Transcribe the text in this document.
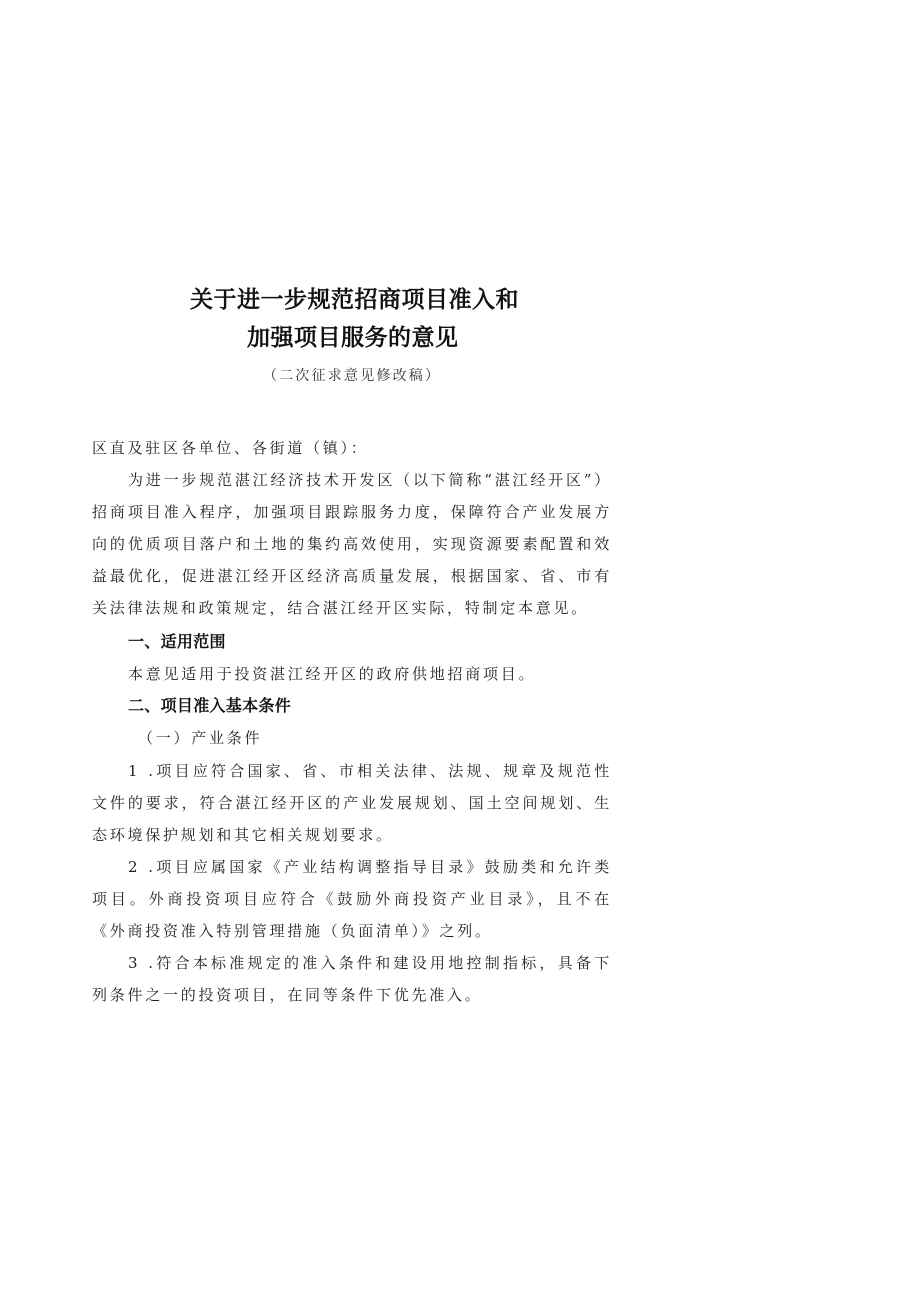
关于进一步规范招商项目准入和
加强项目服务的意见
（二次征求意见修改稿）

区直及驻区各单位、各街道（镇）：

为进一步规范湛江经济技术开发区（以下简称“湛江经开区”）招商项目准入程序，加强项目跟踪服务力度，保障符合产业发展方向的优质项目落户和土地的集约高效使用，实现资源要素配置和效益最优化，促进湛江经开区经济高质量发展，根据国家、省、市有关法律法规和政策规定，结合湛江经开区实际，特制定本意见。

一、适用范围

本意见适用于投资湛江经开区的政府供地招商项目。

二、项目准入基本条件
（一）产业条件

1 .项目应符合国家、省、市相关法律、法规、规章及规范性文件的要求，符合湛江经开区的产业发展规划、国土空间规划、生态环境保护规划和其它相关规划要求。

2 .项目应属国家《产业结构调整指导目录》鼓励类和允许类项目。外商投资项目应符合《鼓励外商投资产业目录》，且不在《外商投资准入特别管理措施（负面清单）》之列。

3 .符合本标准规定的准入条件和建设用地控制指标，具备下列条件之一的投资项目，在同等条件下优先准入。
